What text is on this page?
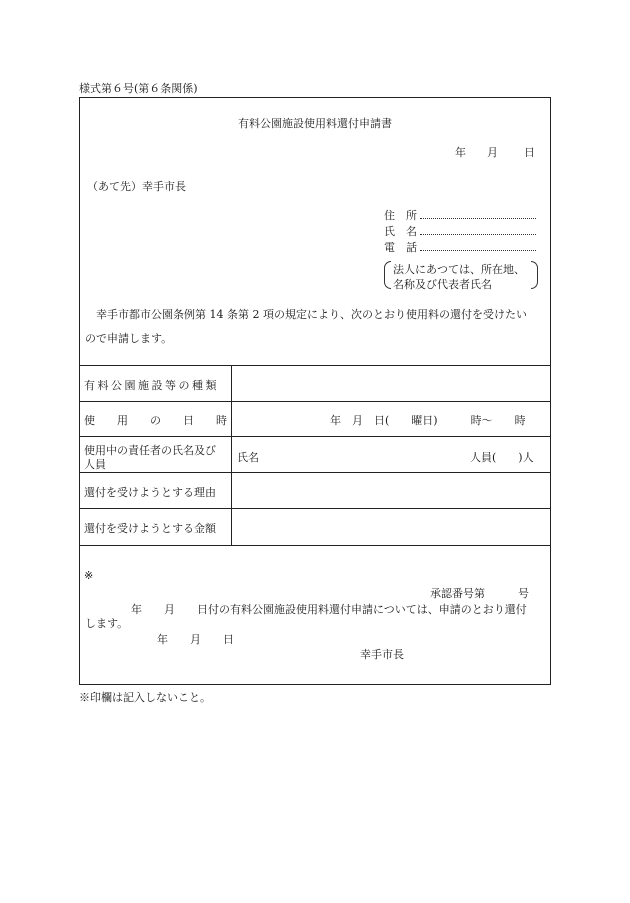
様式第６号(第６条関係)
有料公園施設使用料還付申請書
年 月 日
（あて先）幸手市長
住　所
氏　名
電　話
法人にあつては、所在地、
名称及び代表者氏名
幸手市都市公園条例第 14 条第 2 項の規定により、次のとおり使用料の還付を受けたい
ので申請します。
有料公園施設等の種類
使　　用　　の　　日　　時	年　月　日(　　曜日)　　　時～　　時
使用中の責任者の氏名及び
人員
氏名	人員(　　)人
還付を受けようとする理由
還付を受けようとする金額
※
承認番号第　　　号
年　　月　　日付の有料公園施設使用料還付申請については、申請のとおり還付
します。
年　　月　　日
幸手市長
※印欄は記入しないこと。
